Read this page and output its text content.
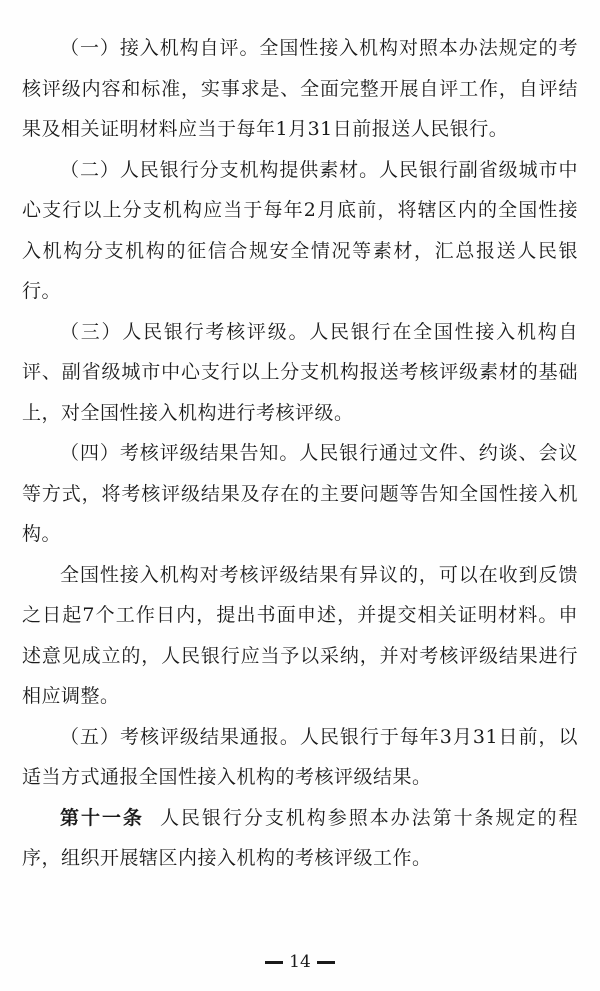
（一）接入机构自评。全国性接入机构对照本办法规定的考核评级内容和标准，实事求是、全面完整开展自评工作，自评结果及相关证明材料应当于每年1月31日前报送人民银行。

（二）人民银行分支机构提供素材。人民银行副省级城市中心支行以上分支机构应当于每年2月底前，将辖区内的全国性接入机构分支机构的征信合规安全情况等素材，汇总报送人民银行。

（三）人民银行考核评级。人民银行在全国性接入机构自评、副省级城市中心支行以上分支机构报送考核评级素材的基础上，对全国性接入机构进行考核评级。

（四）考核评级结果告知。人民银行通过文件、约谈、会议等方式，将考核评级结果及存在的主要问题等告知全国性接入机构。

全国性接入机构对考核评级结果有异议的，可以在收到反馈之日起7个工作日内，提出书面申述，并提交相关证明材料。申述意见成立的，人民银行应当予以采纳，并对考核评级结果进行相应调整。

（五）考核评级结果通报。人民银行于每年3月31日前，以适当方式通报全国性接入机构的考核评级结果。

第十一条 人民银行分支机构参照本办法第十条规定的程序，组织开展辖区内接入机构的考核评级工作。

14
